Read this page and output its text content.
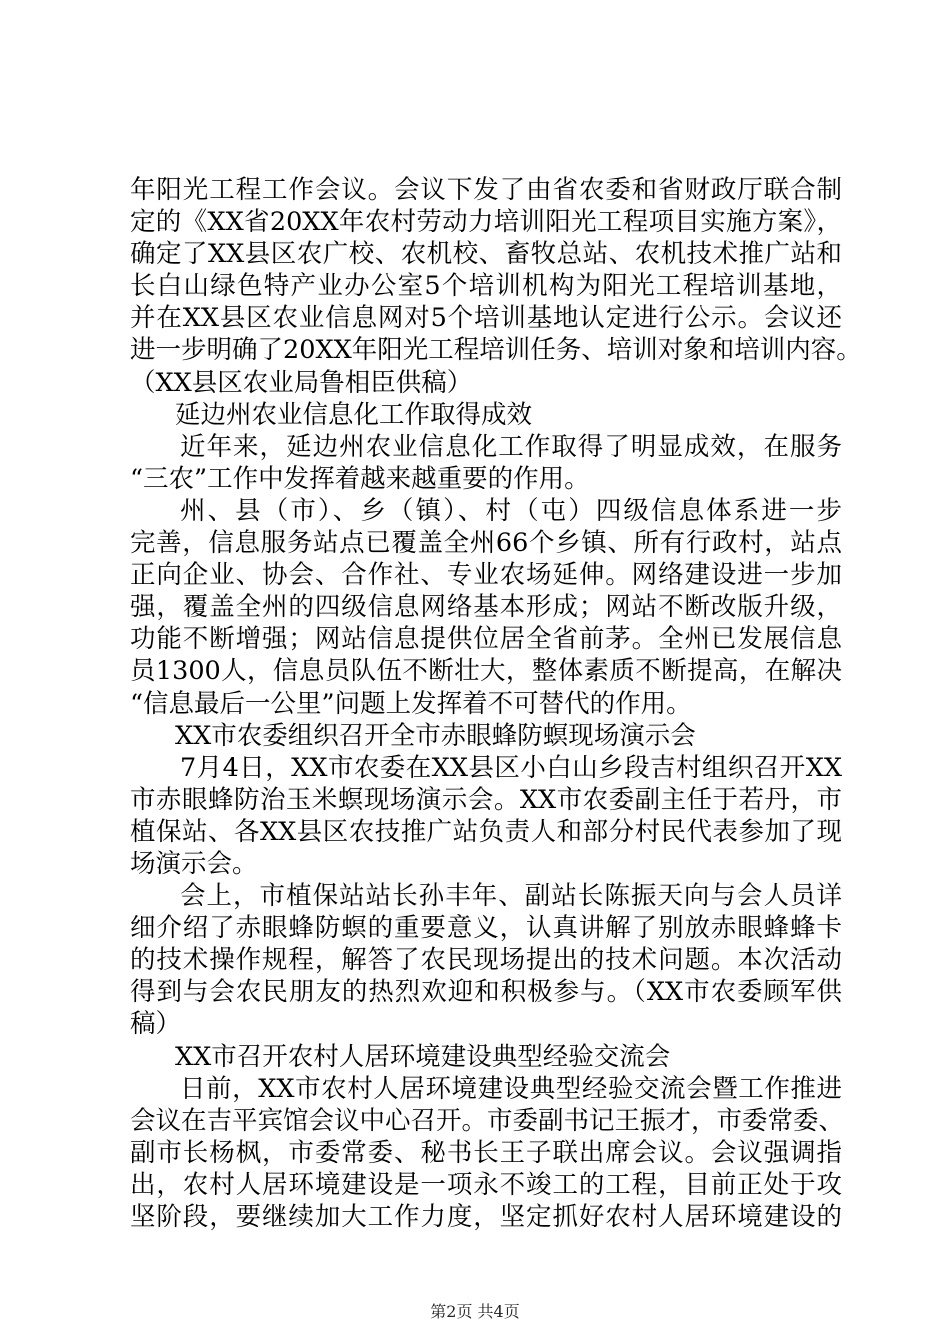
年阳光工程工作会议。会议下发了由省农委和省财政厅联合制
定的《XX省20XX年农村劳动力培训阳光工程项目实施方案》，
确定了XX县区农广校、农机校、畜牧总站、农机技术推广站和
长白山绿色特产业办公室5个培训机构为阳光工程培训基地，
并在XX县区农业信息网对5个培训基地认定进行公示。会议还
进一步明确了20XX年阳光工程培训任务、培训对象和培训内容。
（XX县区农业局鲁相臣供稿）
延边州农业信息化工作取得成效
近年来，延边州农业信息化工作取得了明显成效，在服务
“三农”工作中发挥着越来越重要的作用。
州、县（市）、乡（镇）、村（屯）四级信息体系进一步
完善，信息服务站点已覆盖全州66个乡镇、所有行政村，站点
正向企业、协会、合作社、专业农场延伸。网络建设进一步加
强，覆盖全州的四级信息网络基本形成；网站不断改版升级，
功能不断增强；网站信息提供位居全省前茅。全州已发展信息
员1300人，信息员队伍不断壮大，整体素质不断提高，在解决
“信息最后一公里”问题上发挥着不可替代的作用。
XX市农委组织召开全市赤眼蜂防螟现场演示会
7月4日，XX市农委在XX县区小白山乡段吉村组织召开XX
市赤眼蜂防治玉米螟现场演示会。XX市农委副主任于若丹，市
植保站、各XX县区农技推广站负责人和部分村民代表参加了现
场演示会。
会上，市植保站站长孙丰年、副站长陈振天向与会人员详
细介绍了赤眼蜂防螟的重要意义，认真讲解了别放赤眼蜂蜂卡
的技术操作规程，解答了农民现场提出的技术问题。本次活动
得到与会农民朋友的热烈欢迎和积极参与。（XX市农委顾军供
稿）
XX市召开农村人居环境建设典型经验交流会
日前，XX市农村人居环境建设典型经验交流会暨工作推进
会议在吉平宾馆会议中心召开。市委副书记王振才，市委常委、
副市长杨枫，市委常委、秘书长王子联出席会议。会议强调指
出，农村人居环境建设是一项永不竣工的工程，目前正处于攻
坚阶段，要继续加大工作力度，坚定抓好农村人居环境建设的
第2页 共4页
